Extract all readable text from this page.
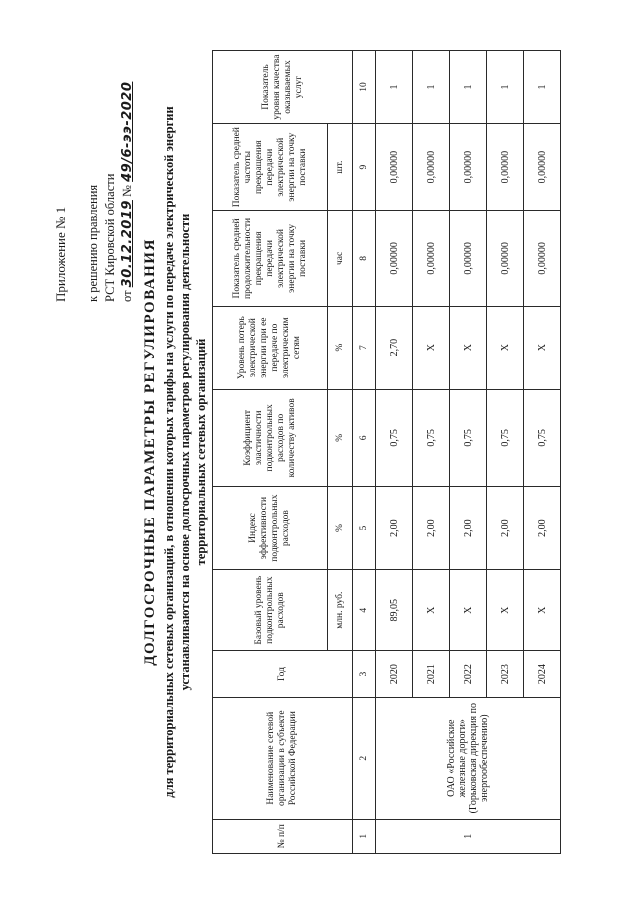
Приложение № 1 к решению правления РСТ Кировской области от 30.12.2019 № 49/6-ээ-2020
ДОЛГОСРОЧНЫЕ ПАРАМЕТРЫ РЕГУЛИРОВАНИЯ для территориальных сетевых организаций, в отношении которых тарифы на услуги по передаче электрической энергии устанавливаются на основе долгосрочных параметров регулирования деятельности территориальных сетевых организаций
№ п/п	Наименование сетевой организации в субъекте Российской Федерации	Год	Базовый уровень подконтрольных расходов	Индекс эффективности подконтрольных расходов	Коэффициент эластичности подконтрольных расходов по количеству активов	Уровень потерь электрической энергии при ее передаче по электрическим сетям	Показатель средней продолжительности прекращения передачи электрической энергии на точку поставки	Показатель средней частоты прекращения передачи электрической энергии на точку поставки	Показатель уровня качества оказываемых услуг
			млн. руб.	%	%	%	час	шт.	
1	2	3	4	5	6	7	8	9	10
1	ОАО «Российские железные дороги» (Горьковская дирекция по энергообеспечению)	2020	89,05	2,00	0,75	2,70	0,00000	0,00000	1
		2021	Х	2,00	0,75	Х	0,00000	0,00000	1
		2022	Х	2,00	0,75	Х	0,00000	0,00000	1
		2023	Х	2,00	0,75	Х	0,00000	0,00000	1
		2024	Х	2,00	0,75	Х	0,00000	0,00000	1
